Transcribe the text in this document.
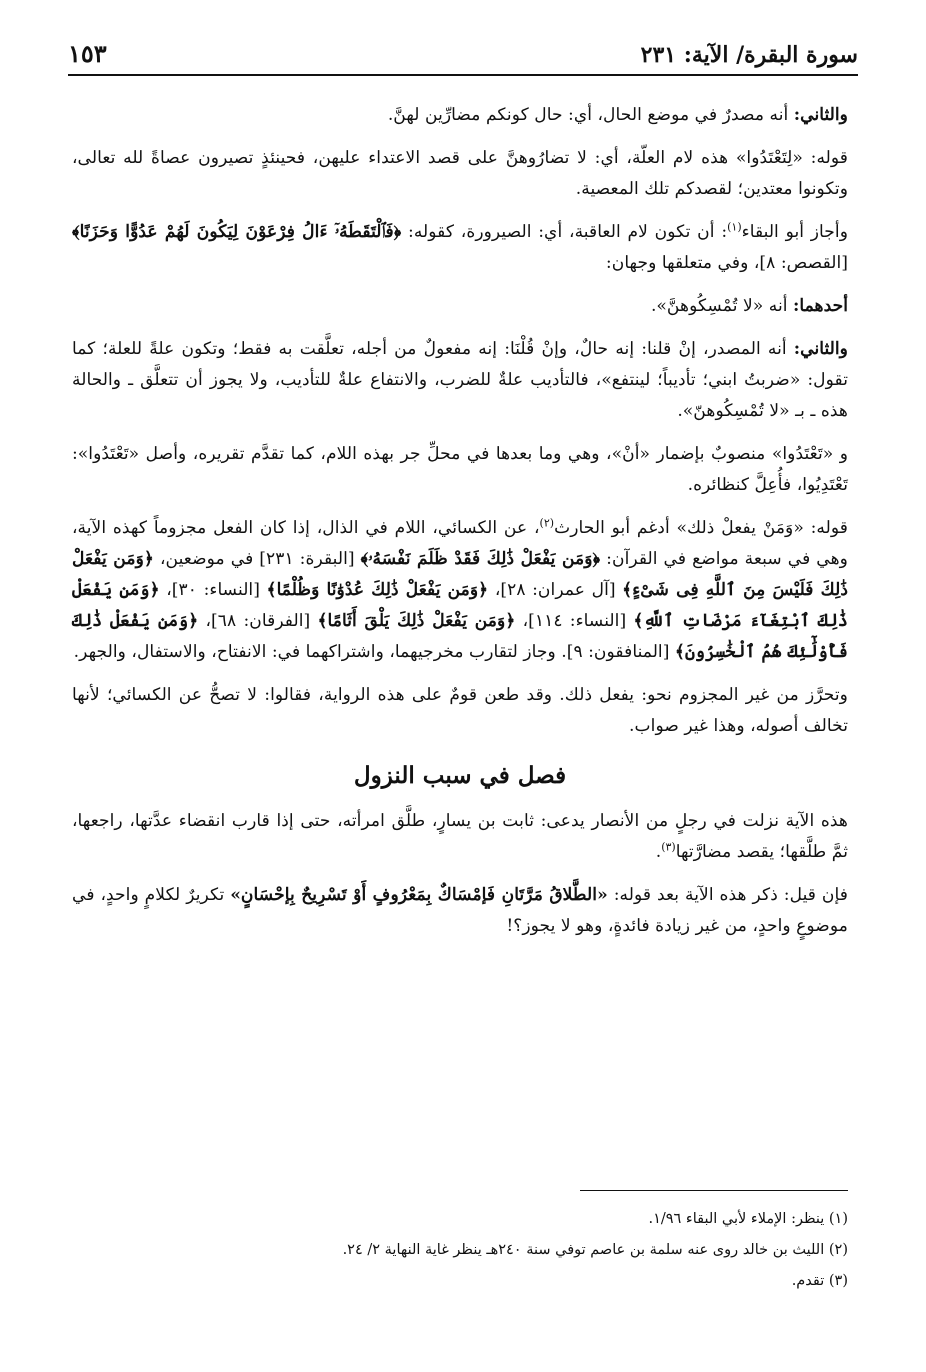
سورة البقرة/ الآية: ٢٣١
١٥٣

والثاني: أنه مصدرٌ في موضع الحال، أي: حال كونكم مضارِّين لهنَّ.

قوله: «لِتَعْتَدُوا» هذه لام العلّة، أي: لا تضارُوهنَّ على قصد الاعتداء عليهن، فحينئذٍ تصيرون عصاةً لله تعالى، وتكونوا معتدين؛ لقصدكم تلك المعصية.

وأجاز أبو البقاء$^{(١)}$: أن تكون لام العاقبة، أي: الصيرورة، كقوله: ﴿فَٱلْتَقَطَهُۥٓ ءَالُ فِرْعَوْنَ لِيَكُونَ لَهُمْ عَدُوًّا وَحَزَنًا﴾ [القصص: ٨]، وفي متعلقها وجهان:

أحدهما: أنه «لا تُمْسِكُوهنَّ».

والثاني: أنه المصدر، إنْ قلنا: إنه حالٌ، وإنْ قُلْنَا: إنه مفعولٌ من أجله، تعلَّقت به فقط؛ وتكون علةً للعلة؛ كما تقول: «ضربتُ ابني؛ تأديباً؛ لينتفع»، فالتأديب علةٌ للضرب، والانتفاع علةٌ للتأديب، ولا يجوز أن تتعلَّق ـ والحالة هذه ـ بـ «لا تُمْسِكُوهنّ».

و «تَعْتَدُوا» منصوبٌ بإضمار «أنْ»، وهي وما بعدها في محلِّ جر بهذه اللام، كما تقدَّم تقريره، وأصل «تَعْتَدُوا»: تَعْتَدِيُوا، فأُعِلَّ كنظائره.

قوله: «وَمَنْ يفعلْ ذلك» أدغم أبو الحارث$^{(٢)}$، عن الكسائي، اللام في الذال، إذا كان الفعل مجزوماً كهذه الآية، وهي في سبعة مواضع في القرآن: ﴿وَمَن يَفْعَلْ ذَٰلِكَ فَقَدْ ظَلَمَ نَفْسَهُۥ﴾ [البقرة: ٢٣١] في موضعين، ﴿وَمَن يَفْعَلْ ذَٰلِكَ فَلَيْسَ مِنَ ٱللَّهِ فِى شَىْءٍ﴾ [آل عمران: ٢٨]، ﴿وَمَن يَفْعَلْ ذَٰلِكَ عُدْوَٰنًا وَظُلْمًا﴾ [النساء: ٣٠]، ﴿وَمَن يَفْعَلْ ذَٰلِكَ ٱبْتِغَآءَ مَرْضَاتِ ٱللَّهِ﴾ [النساء: ١١٤]، ﴿وَمَن يَفْعَلْ ذَٰلِكَ يَلْقَ أَثَامًا﴾ [الفرقان: ٦٨]، ﴿وَمَن يَفْعَلْ ذَٰلِكَ فَأُوْلَٰٓئِكَ هُمُ ٱلْخَٰسِرُونَ﴾ [المنافقون: ٩]. وجاز لتقارب مخرجيهما، واشتراكهما في: الانفتاح، والاستفال، والجهر.

وتحرَّز من غير المجزوم نحو: يفعل ذلك. وقد طعن قومٌ على هذه الرواية، فقالوا: لا تصحُّ عن الكسائي؛ لأنها تخالف أصوله، وهذا غير صواب.

فصل في سبب النزول

هذه الآية نزلت في رجلٍ من الأنصار يدعى: ثابت بن يسارٍ، طلَّق امرأته، حتى إذا قارب انقضاء عدَّتها، راجعها، ثمَّ طلَّقها؛ يقصد مضارَّتها$^{(٣)}$.

فإن قيل: ذكر هذه الآية بعد قوله: «الطَّلاقُ مَرَّتَانِ فَإمْسَاكٌ بِمَعْرُوفٍ أَوْ تَسْرِيحٌ بِإحْسَانٍ» تكريرٌ لكلامٍ واحدٍ، في موضوعٍ واحدٍ، من غير زيادة فائدةٍ، وهو لا يجوز؟!

(١) ينظر: الإملاء لأبي البقاء ١/٩٦.

(٢) الليث بن خالد روى عنه سلمة بن عاصم توفي سنة ٢٤٠هـ ينظر غاية النهاية ٢/ ٢٤.

(٣) تقدم.
